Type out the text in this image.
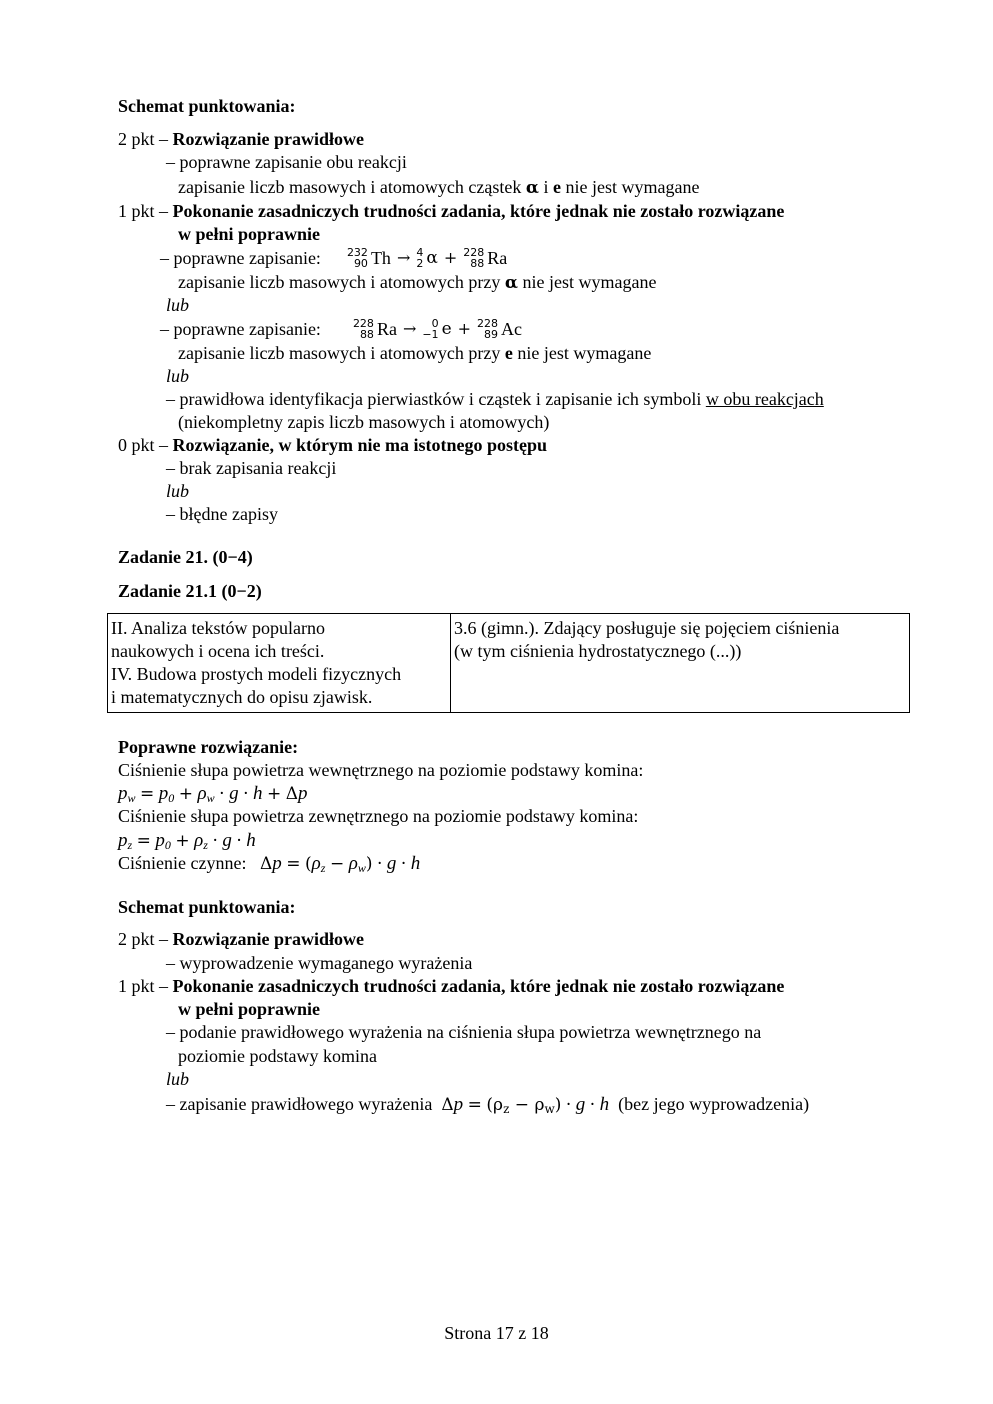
Schemat punktowania:
2 pkt – Rozwiązanie prawidłowe
– poprawne zapisanie obu reakcji
zapisanie liczb masowych i atomowych cząstek α i e nie jest wymagane
1 pkt – Pokonanie zasadniczych trudności zadania, które jednak nie zostało rozwiązane
w pełni poprawnie
– poprawne zapisanie: 232
90 Th → 4
2 α + 228
88 Ra
zapisanie liczb masowych i atomowych przy α nie jest wymagane
lub
– poprawne zapisanie:	228
88 Ra → 0
−1 e + 228
89 Ac
zapisanie liczb masowych i atomowych przy e nie jest wymagane
lub
– prawidłowa identyfikacja pierwiastków i cząstek i zapisanie ich symboli w obu reakcjach
(niekompletny zapis liczb masowych i atomowych)
0 pkt – Rozwiązanie, w którym nie ma istotnego postępu
– brak zapisania reakcji
lub
– błędne zapisy
Zadanie 21. (0−4)
Zadanie 21.1 (0−2)
II. Analiza tekstów popularno
naukowych i ocena ich treści.
IV. Budowa prostych modeli fizycznych
i matematycznych do opisu zjawisk.

3.6 (gimn.). Zdający posługuje się pojęciem ciśnienia
(w tym ciśnienia hydrostatycznego (...))
Poprawne rozwiązanie:
Ciśnienie słupa powietrza wewnętrznego na poziomie podstawy komina:
$p_w = p_0 + \rho_w \cdot g \cdot h + \Delta p$
Ciśnienie słupa powietrza zewnętrznego na poziomie podstawy komina:
$p_z = p_0 + \rho_z \cdot g \cdot h$
Ciśnienie czynne: $\Delta p = (\rho_z - \rho_w) \cdot g \cdot h$
Schemat punktowania:
2 pkt – Rozwiązanie prawidłowe
– wyprowadzenie wymaganego wyrażenia
1 pkt – Pokonanie zasadniczych trudności zadania, które jednak nie zostało rozwiązane
w pełni poprawnie
– podanie prawidłowego wyrażenia na ciśnienia słupa powietrza wewnętrznego na
poziomie podstawy komina
lub
– zapisanie prawidłowego wyrażenia $\Delta p = (\rho_z - \rho_w) \cdot g \cdot h$ (bez jego wyprowadzenia)
Strona 17 z 18
